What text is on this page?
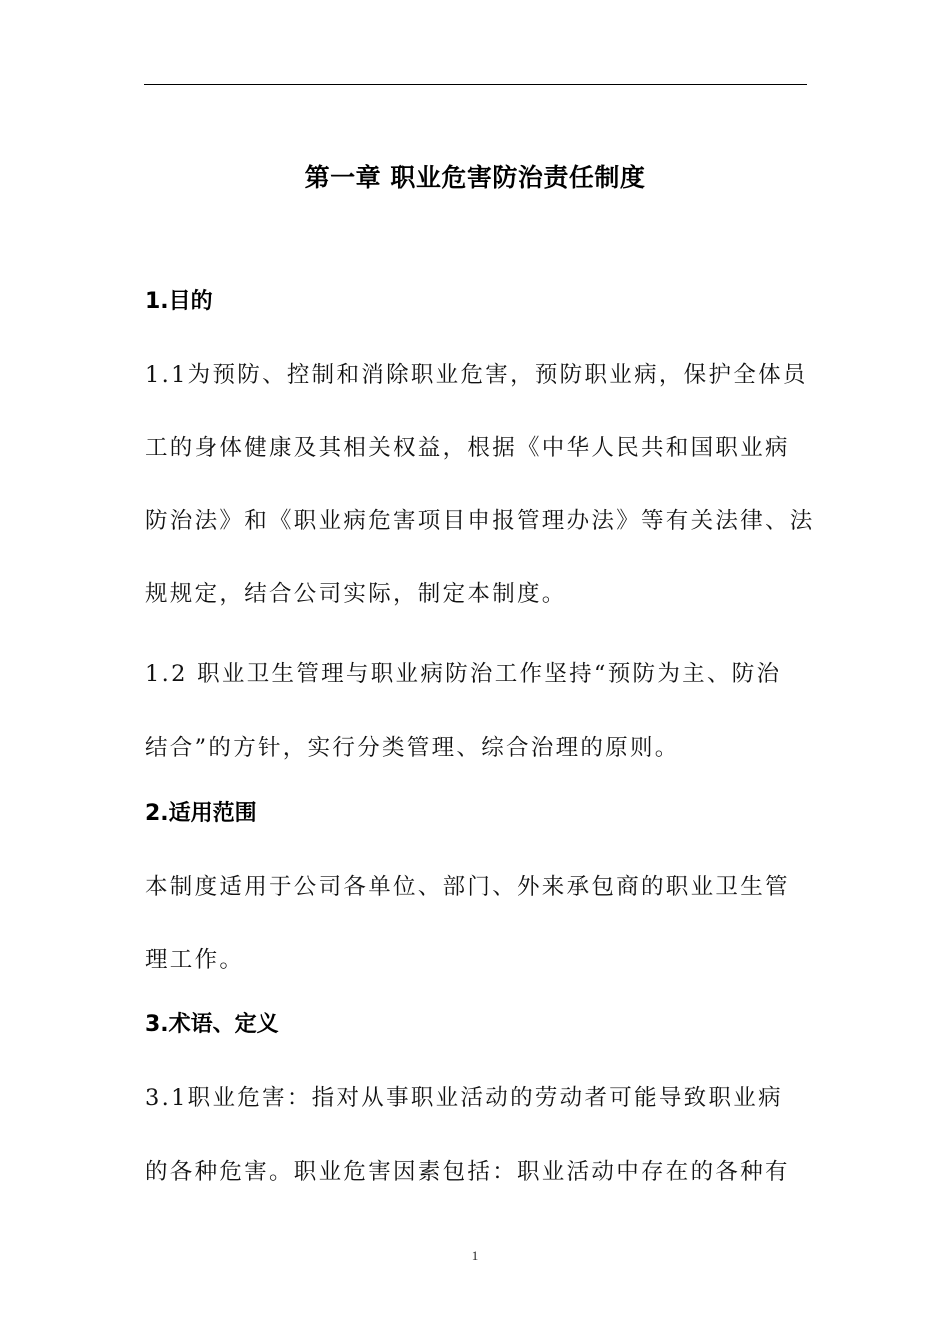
第一章 职业危害防治责任制度
1.目的
1.1为预防、控制和消除职业危害，预防职业病，保护全体员
工的身体健康及其相关权益，根据《中华人民共和国职业病
防治法》和《职业病危害项目申报管理办法》等有关法律、法
规规定，结合公司实际，制定本制度。
1.2 职业卫生管理与职业病防治工作坚持“预防为主、防治
结合”的方针，实行分类管理、综合治理的原则。
2.适用范围
本制度适用于公司各单位、部门、外来承包商的职业卫生管
理工作。
3.术语、定义
3.1职业危害：指对从事职业活动的劳动者可能导致职业病
的各种危害。职业危害因素包括：职业活动中存在的各种有
1
